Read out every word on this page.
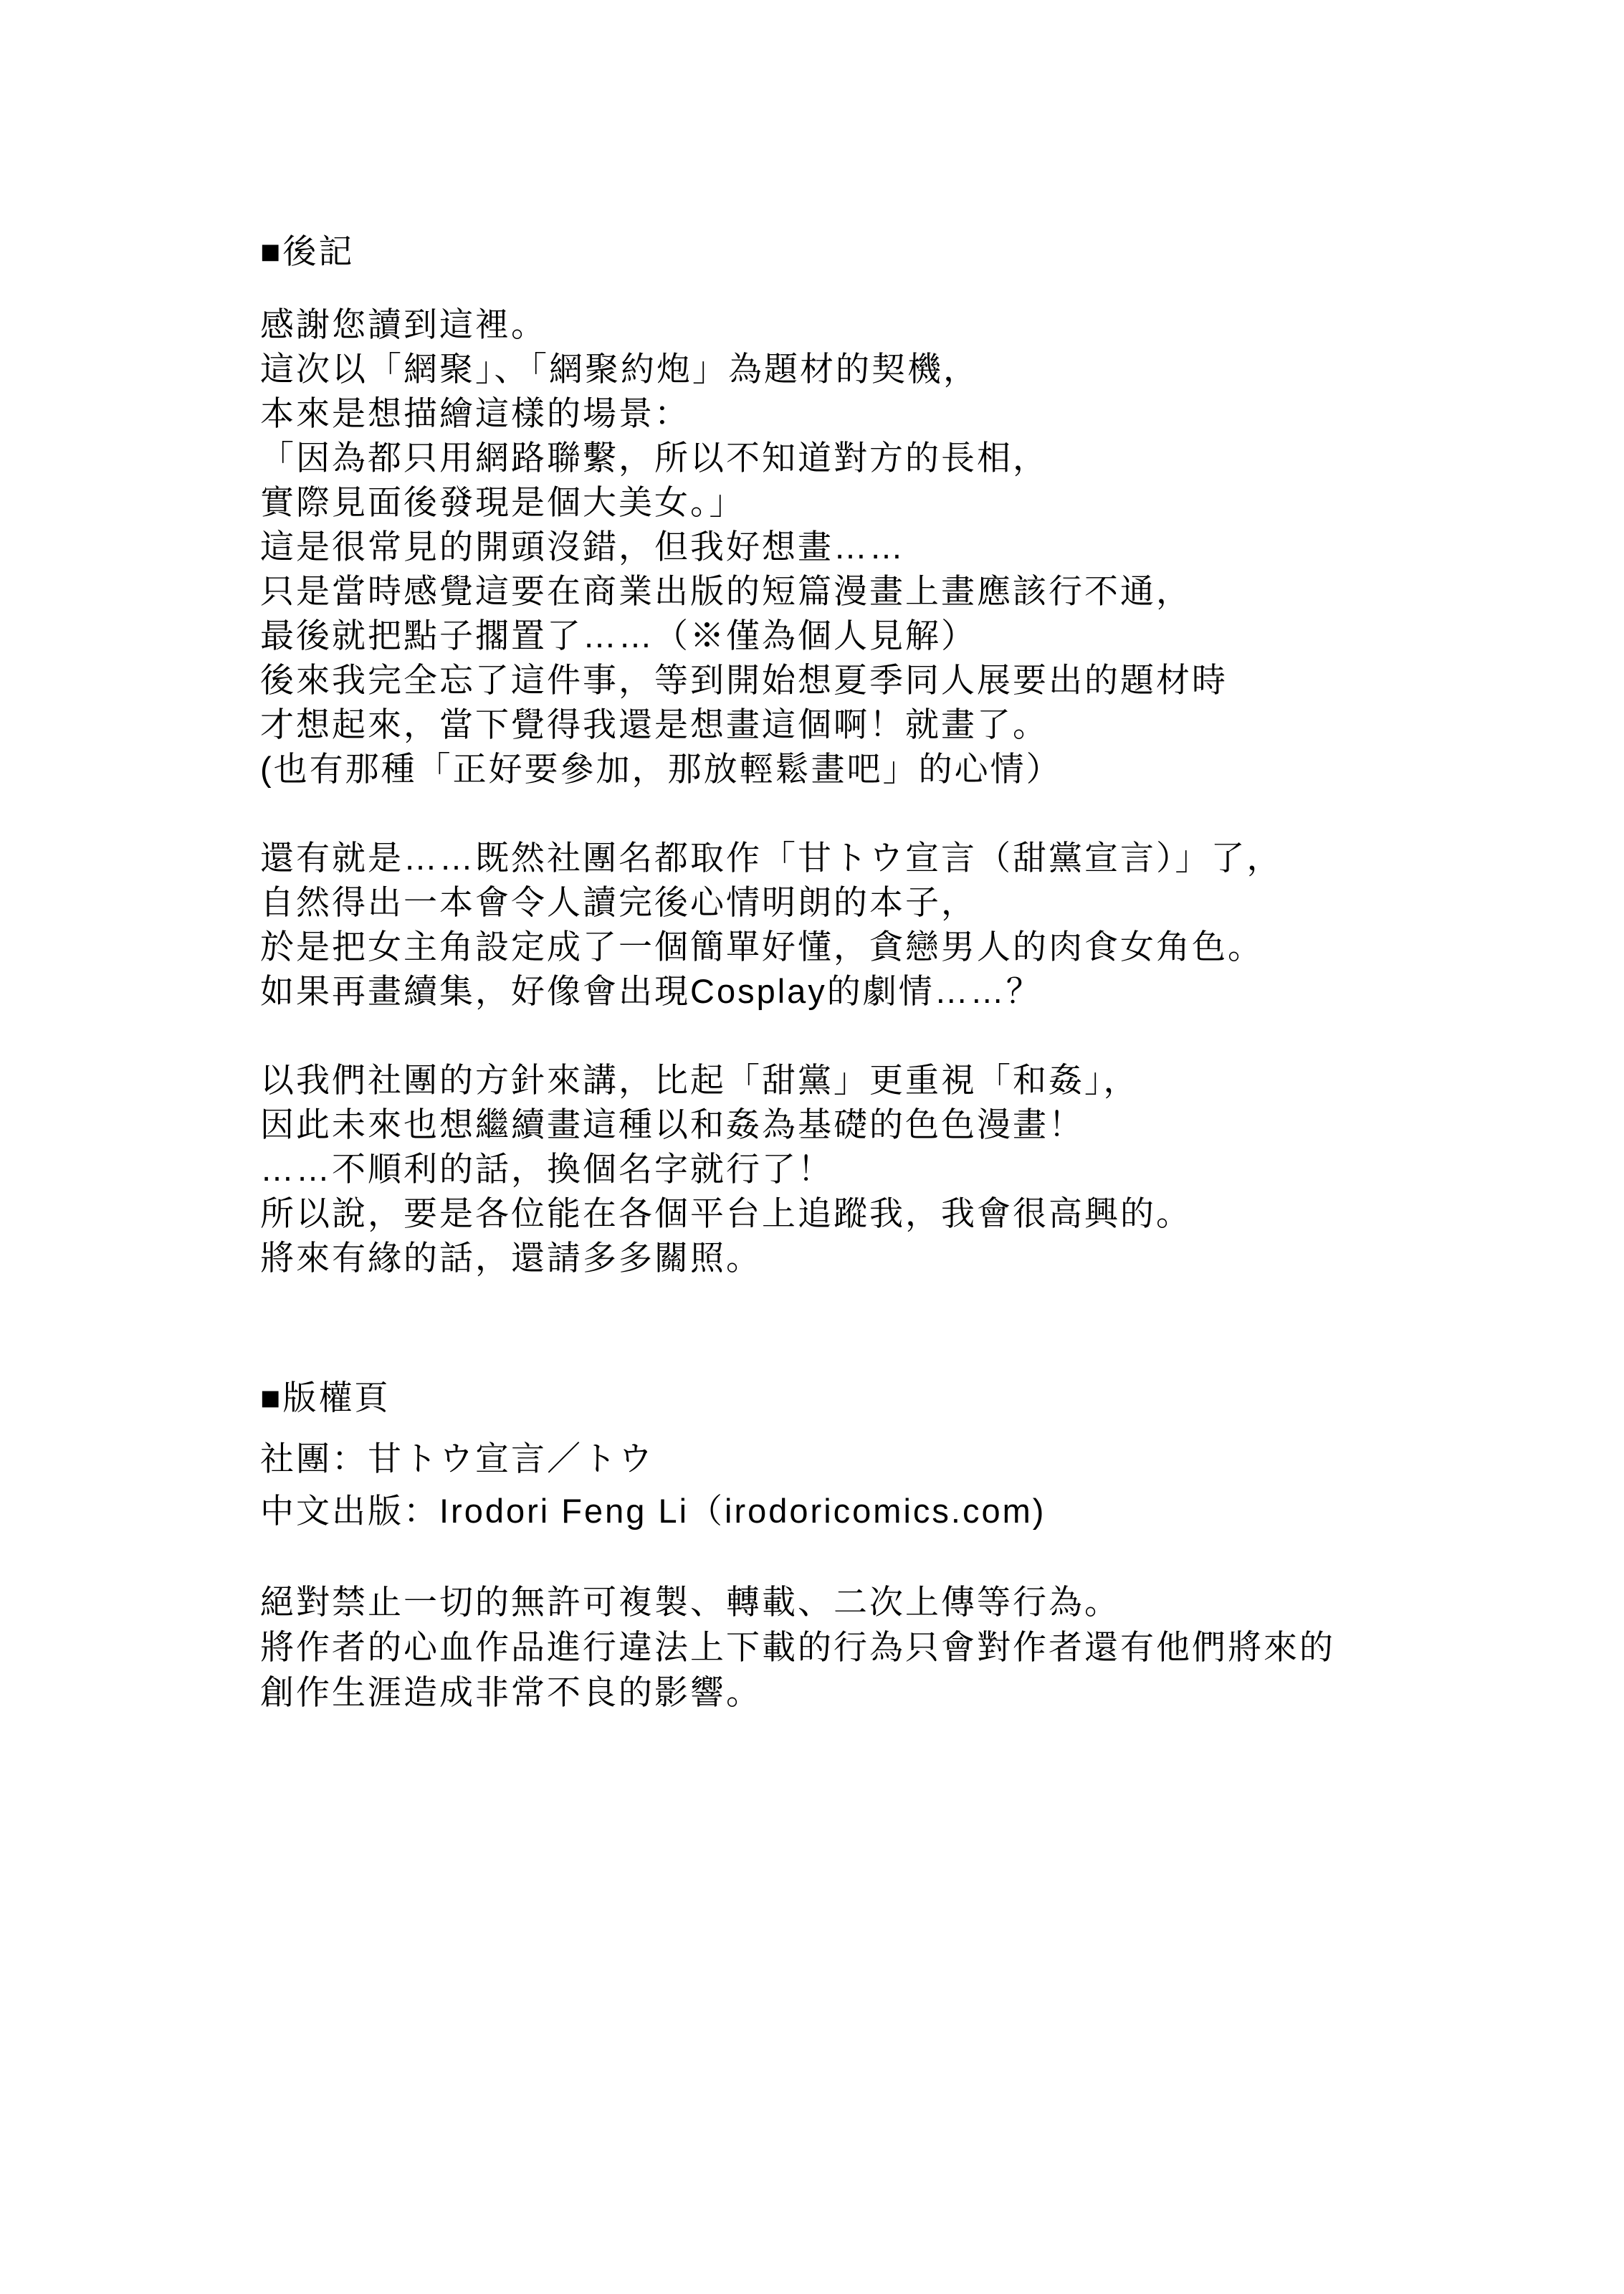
■後記
感謝您讀到這裡。
這次以「網聚」、「網聚約炮」為題材的契機，
本來是想描繪這樣的場景：
「因為都只用網路聯繫，所以不知道對方的長相，
實際見面後發現是個大美女。」
這是很常見的開頭沒錯，但我好想畫……
只是當時感覺這要在商業出版的短篇漫畫上畫應該行不通，
最後就把點子擱置了……（※僅為個人見解）
後來我完全忘了這件事，等到開始想夏季同人展要出的題材時
才想起來，當下覺得我還是想畫這個啊！就畫了。
(也有那種「正好要參加，那放輕鬆畫吧」的心情）
還有就是……既然社團名都取作「甘トウ宣言（甜黨宣言）」了，
自然得出一本會令人讀完後心情明朗的本子，
於是把女主角設定成了一個簡單好懂，貪戀男人的肉食女角色。
如果再畫續集，好像會出現Cosplay的劇情……？
以我們社團的方針來講，比起「甜黨」更重視「和姦」，
因此未來也想繼續畫這種以和姦為基礎的色色漫畫！
……不順利的話，換個名字就行了！
所以說，要是各位能在各個平台上追蹤我，我會很高興的。
將來有緣的話，還請多多關照。
■版權頁
社團：甘トウ宣言／トウ
中文出版：Irodori Feng Li（irodoricomics.com)
絕對禁止一切的無許可複製、轉載、二次上傳等行為。
將作者的心血作品進行違法上下載的行為只會對作者還有他們將來的
創作生涯造成非常不良的影響。
